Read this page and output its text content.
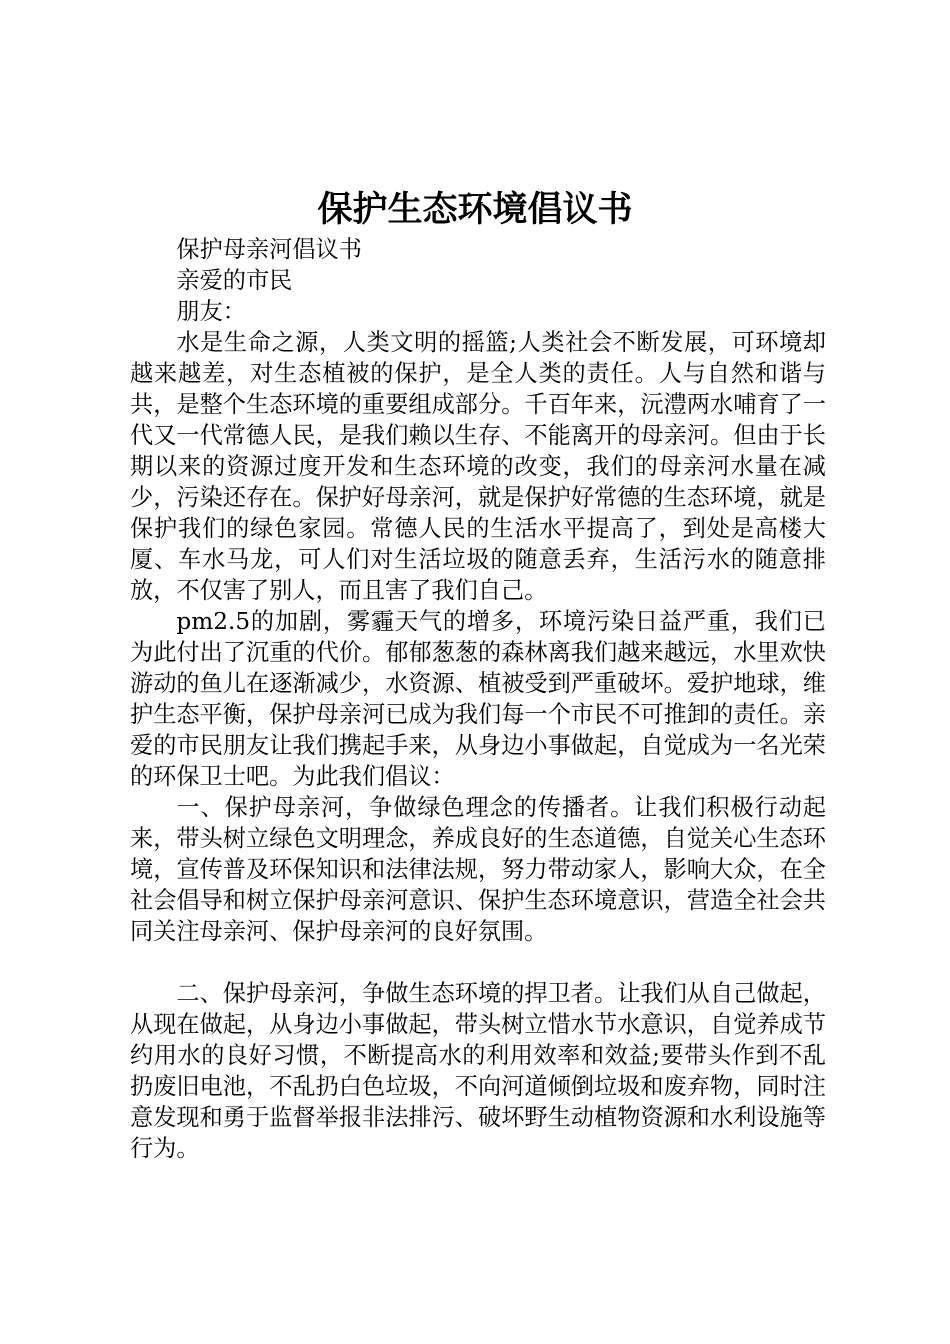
保护生态环境倡议书

保护母亲河倡议书

亲爱的市民

朋友：

水是生命之源，人类文明的摇篮;人类社会不断发展，可环境却越来越差，对生态植被的保护，是全人类的责任。人与自然和谐与共，是整个生态环境的重要组成部分。千百年来，沅澧两水哺育了一代又一代常德人民，是我们赖以生存、不能离开的母亲河。但由于长期以来的资源过度开发和生态环境的改变，我们的母亲河水量在减少，污染还存在。保护好母亲河，就是保护好常德的生态环境，就是保护我们的绿色家园。常德人民的生活水平提高了，到处是高楼大厦、车水马龙，可人们对生活垃圾的随意丢弃，生活污水的随意排放，不仅害了别人，而且害了我们自己。

pm2.5的加剧，雾霾天气的增多，环境污染日益严重，我们已为此付出了沉重的代价。郁郁葱葱的森林离我们越来越远，水里欢快游动的鱼儿在逐渐减少，水资源、植被受到严重破坏。爱护地球，维护生态平衡，保护母亲河已成为我们每一个市民不可推卸的责任。亲爱的市民朋友让我们携起手来，从身边小事做起，自觉成为一名光荣的环保卫士吧。为此我们倡议：

一、保护母亲河，争做绿色理念的传播者。让我们积极行动起来，带头树立绿色文明理念，养成良好的生态道德，自觉关心生态环境，宣传普及环保知识和法律法规，努力带动家人，影响大众，在全社会倡导和树立保护母亲河意识、保护生态环境意识，营造全社会共同关注母亲河、保护母亲河的良好氛围。

二、保护母亲河，争做生态环境的捍卫者。让我们从自己做起，从现在做起，从身边小事做起，带头树立惜水节水意识，自觉养成节约用水的良好习惯，不断提高水的利用效率和效益;要带头作到不乱扔废旧电池，不乱扔白色垃圾，不向河道倾倒垃圾和废弃物，同时注意发现和勇于监督举报非法排污、破坏野生动植物资源和水利设施等行为。
